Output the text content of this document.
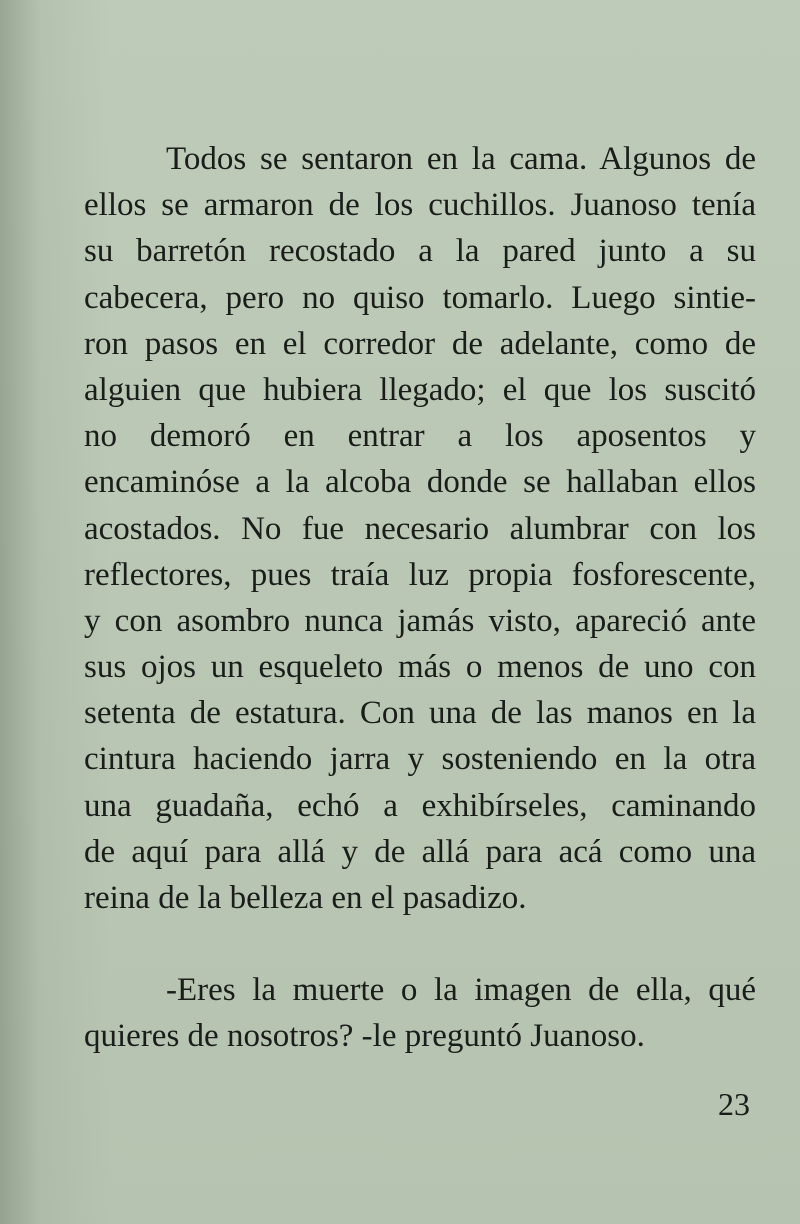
Todos se sentaron en la cama. Algunos de
ellos se armaron de los cuchillos. Juanoso tenía
su barretón recostado a la pared junto a su
cabecera, pero no quiso tomarlo. Luego sintie-
ron pasos en el corredor de adelante, como de
alguien que hubiera llegado; el que los suscitó
no demoró en entrar a los aposentos y
encaminóse a la alcoba donde se hallaban ellos
acostados. No fue necesario alumbrar con los
reflectores, pues traía luz propia fosforescente,
y con asombro nunca jamás visto, apareció ante
sus ojos un esqueleto más o menos de uno con
setenta de estatura. Con una de las manos en la
cintura haciendo jarra y sosteniendo en la otra
una guadaña, echó a exhibírseles, caminando
de aquí para allá y de allá para acá como una
reina de la belleza en el pasadizo.

-Eres la muerte o la imagen de ella, qué
quieres de nosotros? -le preguntó Juanoso.

23
